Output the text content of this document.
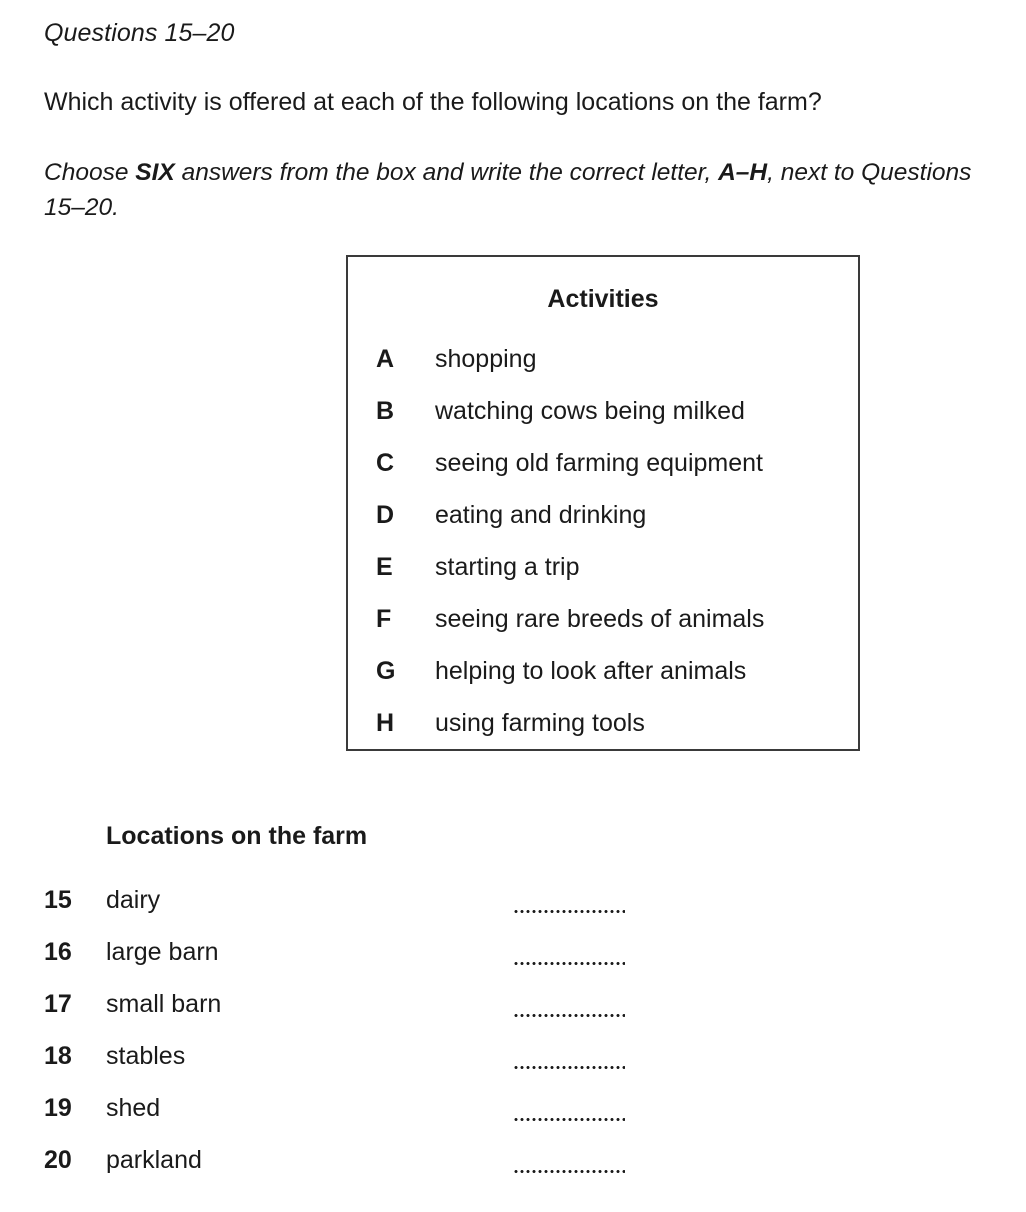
Questions 15–20
Which activity is offered at each of the following locations on the farm?
Choose SIX answers from the box and write the correct letter, A–H, next to Questions 15–20.
Activities
A	shopping
B	watching cows being milked
C	seeing old farming equipment
D	eating and drinking
E	starting a trip
F	seeing rare breeds of animals
G	helping to look after animals
H	using farming tools
Locations on the farm
15	dairy
16	large barn
17	small barn
18	stables
19	shed
20	parkland
